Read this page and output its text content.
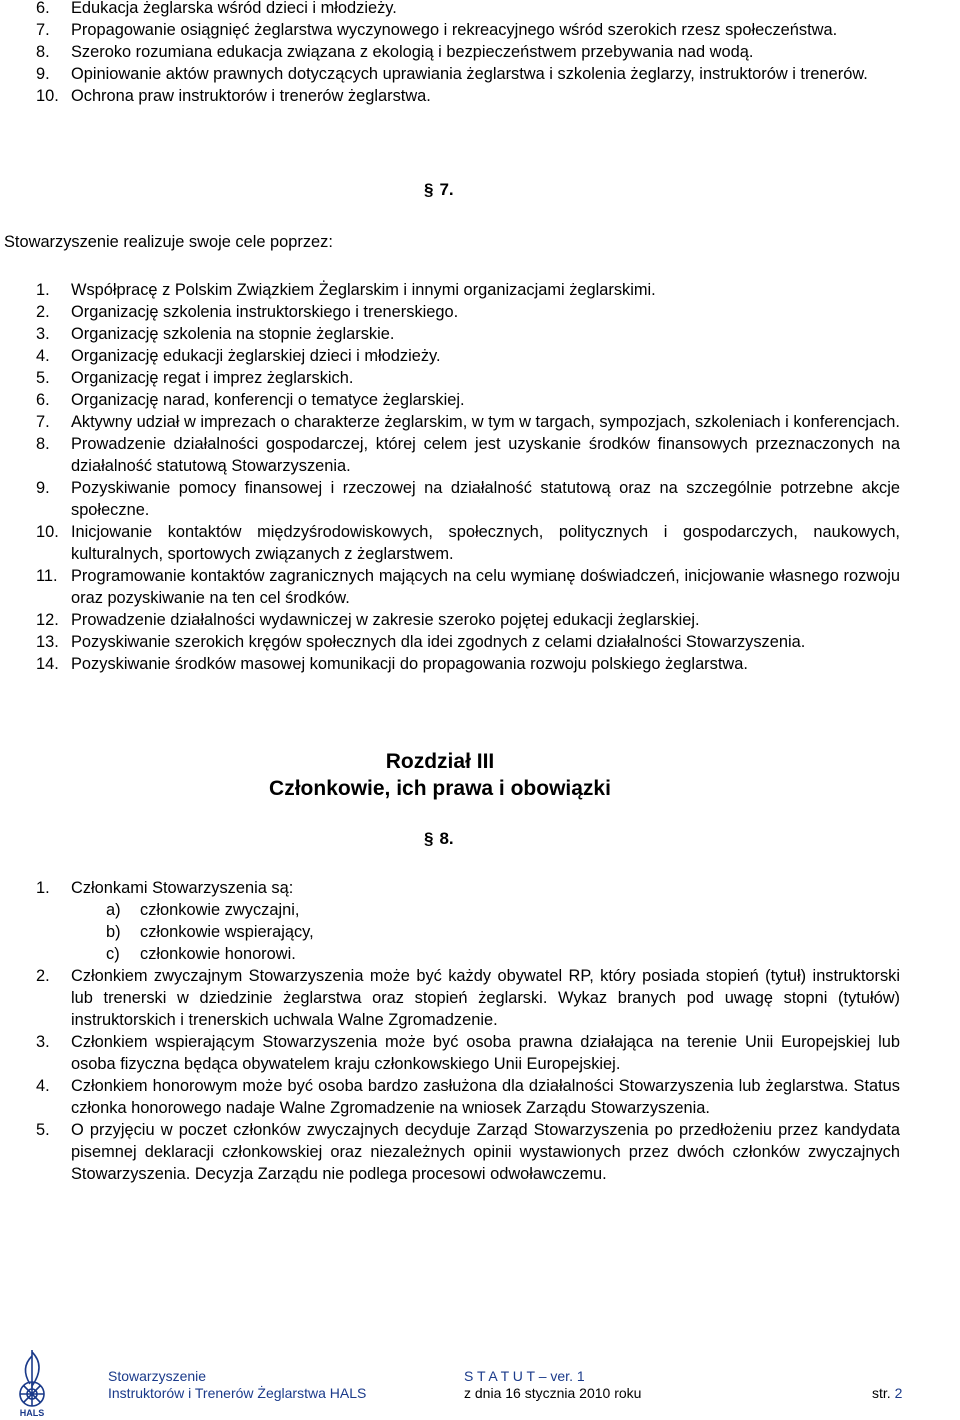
6. Edukacja żeglarska wśród dzieci i młodzieży.
7. Propagowanie osiągnięć żeglarstwa wyczynowego i rekreacyjnego wśród szerokich rzesz społeczeństwa.
8. Szeroko rozumiana edukacja związana z ekologią i bezpieczeństwem przebywania nad wodą.
9. Opiniowanie aktów prawnych dotyczących uprawiania żeglarstwa i szkolenia żeglarzy, instruktorów i trenerów.
10. Ochrona praw instruktorów i trenerów żeglarstwa.
§ 7.
Stowarzyszenie realizuje swoje cele poprzez:
1. Współpracę z Polskim Związkiem Żeglarskim i innymi organizacjami żeglarskimi.
2. Organizację szkolenia instruktorskiego i trenerskiego.
3. Organizację szkolenia na stopnie żeglarskie.
4. Organizację edukacji żeglarskiej dzieci i młodzieży.
5. Organizację regat i imprez żeglarskich.
6. Organizację narad, konferencji o tematyce żeglarskiej.
7. Aktywny udział w imprezach o charakterze żeglarskim, w tym w targach, sympozjach, szkoleniach i konferencjach.
8. Prowadzenie działalności gospodarczej, której celem jest uzyskanie środków finansowych przeznaczonych na działalność statutową Stowarzyszenia.
9. Pozyskiwanie pomocy finansowej i rzeczowej na działalność statutową oraz na szczególnie potrzebne akcje społeczne.
10. Inicjowanie kontaktów międzyśrodowiskowych, społecznych, politycznych i gospodarczych, naukowych, kulturalnych, sportowych związanych z żeglarstwem.
11. Programowanie kontaktów zagranicznych mających na celu wymianę doświadczeń, inicjowanie własnego rozwoju oraz pozyskiwanie na ten cel środków.
12. Prowadzenie działalności wydawniczej w zakresie szeroko pojętej edukacji żeglarskiej.
13. Pozyskiwanie szerokich kręgów społecznych dla idei zgodnych z celami działalności Stowarzyszenia.
14. Pozyskiwanie środków masowej komunikacji do propagowania rozwoju polskiego żeglarstwa.
Rozdział III
Członkowie, ich prawa i obowiązki
§ 8.
1. Członkami Stowarzyszenia są:
a) członkowie zwyczajni,
b) członkowie wspierający,
c) członkowie honorowi.
2. Członkiem zwyczajnym Stowarzyszenia może być każdy obywatel RP, który posiada stopień (tytuł) instruktorski lub trenerski w dziedzinie żeglarstwa oraz stopień żeglarski. Wykaz branych pod uwagę stopni (tytułów) instruktorskich i trenerskich uchwala Walne Zgromadzenie.
3. Członkiem wspierającym Stowarzyszenia może być osoba prawna działająca na terenie Unii Europejskiej lub osoba fizyczna będąca obywatelem kraju członkowskiego Unii Europejskiej.
4. Członkiem honorowym może być osoba bardzo zasłużona dla działalności Stowarzyszenia lub żeglarstwa. Status członka honorowego nadaje Walne Zgromadzenie na wniosek Zarządu Stowarzyszenia.
5. O przyjęciu w poczet członków zwyczajnych decyduje Zarząd Stowarzyszenia po przedłożeniu przez kandydata pisemnej deklaracji członkowskiej oraz niezależnych opinii wystawionych przez dwóch członków zwyczajnych Stowarzyszenia. Decyzja Zarządu nie podlega procesowi odwoławczemu.
HALS
Stowarzyszenie
Instruktorów i Trenerów Żeglarstwa HALS
S T A T U T – ver. 1
z dnia 16 stycznia 2010 roku	str. 2
